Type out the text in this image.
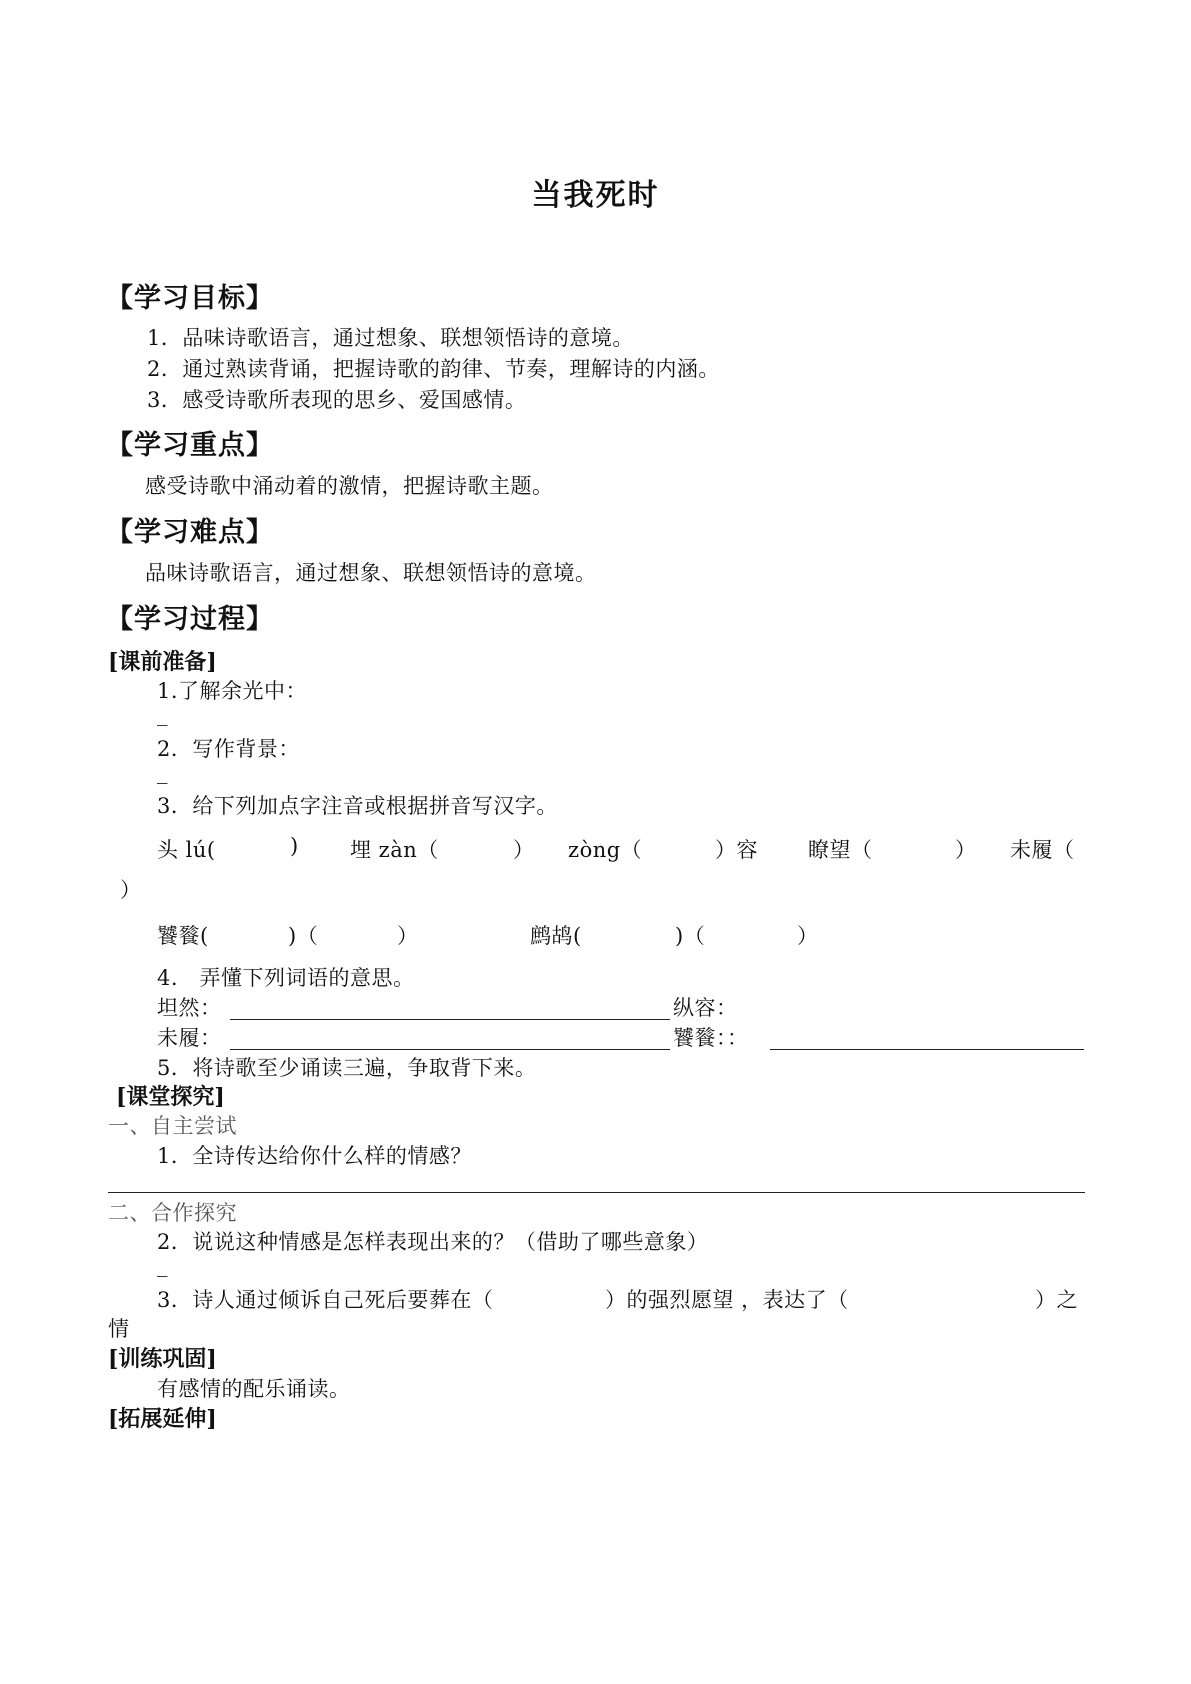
当我死时
【学习目标】
1．品味诗歌语言，通过想象、联想领悟诗的意境。
2．通过熟读背诵，把握诗歌的韵律、节奏，理解诗的内涵。
3．感受诗歌所表现的思乡、爱国感情。
【学习重点】
感受诗歌中涌动着的激情，把握诗歌主题。
【学习难点】
品味诗歌语言，通过想象、联想领悟诗的意境。
【学习过程】
[课前准备]
1.了解余光中：
_
2．写作背景：
_
3．给下列加点字注音或根据拼音写汉字。
头 lú(	) 埋 zàn（	） zòng（	）容 瞭望（	） 未履（
）
饕餮(	)（	）	鹧鸪(	)（	）
4.　弄懂下列词语的意思。
坦然：	纵容：
未履：	饕餮：：
5．将诗歌至少诵读三遍，争取背下来。
[课堂探究]
一、自主尝试
1．全诗传达给你什么样的情感？
二、合作探究
2．说说这种情感是怎样表现出来的？（借助了哪些意象）
_
3．诗人通过倾诉自己死后要葬在（	）的强烈愿望 ，表达了（	）之
情
[训练巩固]
有感情的配乐诵读。
[拓展延伸]
